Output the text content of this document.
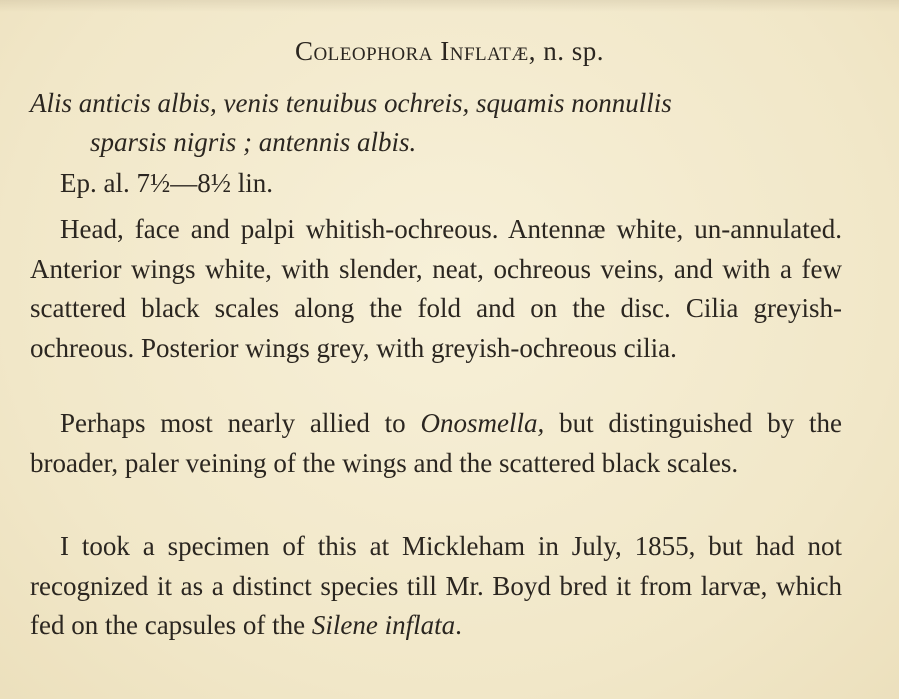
Coleophora Inflatæ, n. sp.
Alis anticis albis, venis tenuibus ochreis, squamis nonnullis
sparsis nigris ; antennis albis.
Ep. al. 7½—8½ lin.
Head, face and palpi whitish-ochreous. Antennæ white, un-annulated. Anterior wings white, with slender, neat, ochreous veins, and with a few scattered black scales along the fold and on the disc. Cilia greyish-ochreous. Posterior wings grey, with greyish-ochreous cilia.
Perhaps most nearly allied to Onosmella, but distinguished by the broader, paler veining of the wings and the scattered black scales.
I took a specimen of this at Mickleham in July, 1855, but had not recognized it as a distinct species till Mr. Boyd bred it from larvæ, which fed on the capsules of the Silene inflata.
